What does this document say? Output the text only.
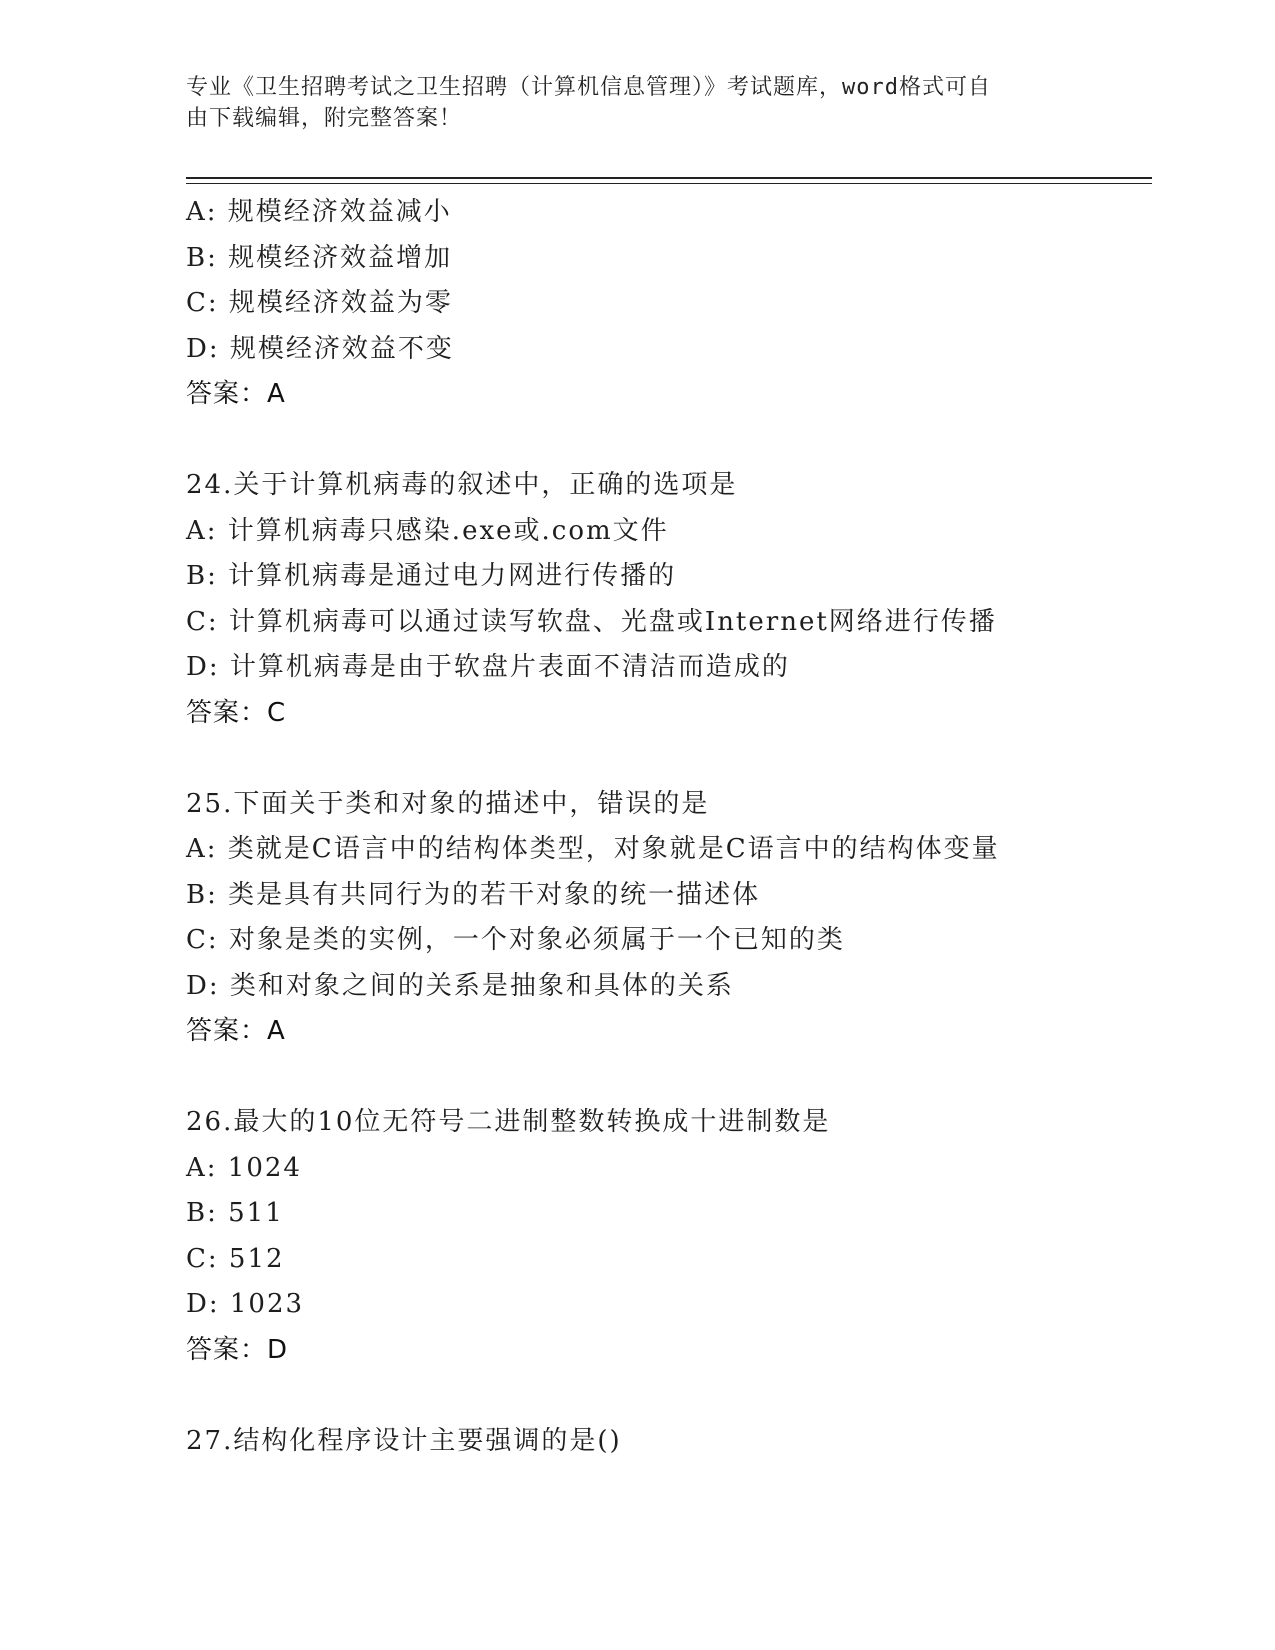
专业《卫生招聘考试之卫生招聘（计算机信息管理）》考试题库，word格式可自
由下载编辑，附完整答案！
A: 规模经济效益减小
B: 规模经济效益增加
C: 规模经济效益为零
D: 规模经济效益不变
答案：A
24.关于计算机病毒的叙述中，正确的选项是
A: 计算机病毒只感染.exe或.com文件
B: 计算机病毒是通过电力网进行传播的
C: 计算机病毒可以通过读写软盘、光盘或Internet网络进行传播
D: 计算机病毒是由于软盘片表面不清洁而造成的
答案：C
25.下面关于类和对象的描述中，错误的是
A: 类就是C语言中的结构体类型，对象就是C语言中的结构体变量
B: 类是具有共同行为的若干对象的统一描述体
C: 对象是类的实例，一个对象必须属于一个已知的类
D: 类和对象之间的关系是抽象和具体的关系
答案：A
26.最大的10位无符号二进制整数转换成十进制数是
A: 1024
B: 511
C: 512
D: 1023
答案：D
27.结构化程序设计主要强调的是()
